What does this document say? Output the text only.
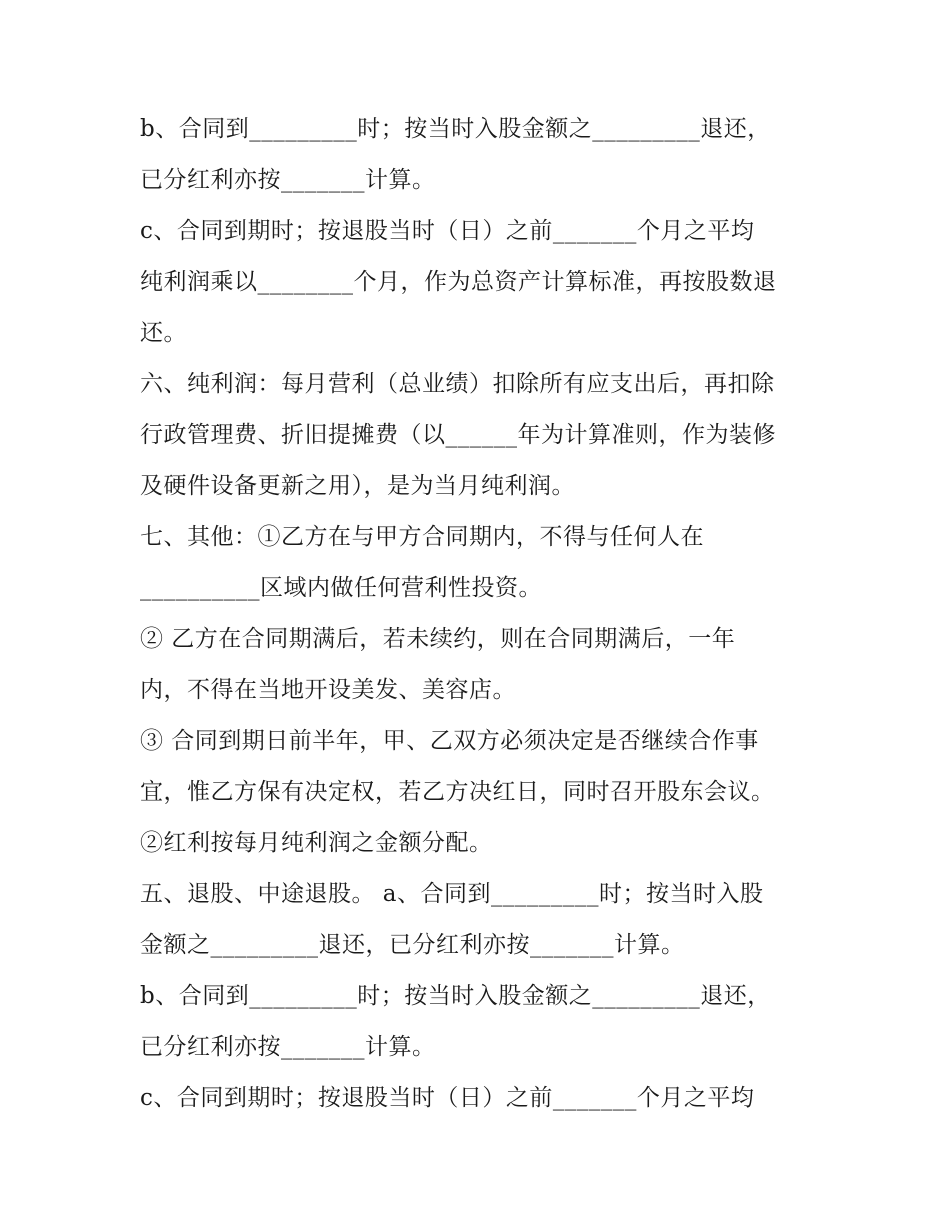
b、合同到_________时；按当时入股金额之_________退还，
已分红利亦按_______计算。
c、合同到期时；按退股当时（日）之前_______个月之平均
纯利润乘以________个月，作为总资产计算标准，再按股数退
还。
六、纯利润：每月营利（总业绩）扣除所有应支出后，再扣除
行政管理费、折旧提摊费（以______年为计算准则，作为装修
及硬件设备更新之用），是为当月纯利润。
七、其他：①乙方在与甲方合同期内，不得与任何人在
__________区域内做任何营利性投资。
② 乙方在合同期满后，若未续约，则在合同期满后，一年
内，不得在当地开设美发、美容店。
③ 合同到期日前半年，甲、乙双方必须决定是否继续合作事
宜，惟乙方保有决定权，若乙方决红日，同时召开股东会议。
②红利按每月纯利润之金额分配。
五、退股、中途退股。 a、合同到_________时；按当时入股
金额之_________退还，已分红利亦按_______计算。
b、合同到_________时；按当时入股金额之_________退还，
已分红利亦按_______计算。
c、合同到期时；按退股当时（日）之前_______个月之平均
